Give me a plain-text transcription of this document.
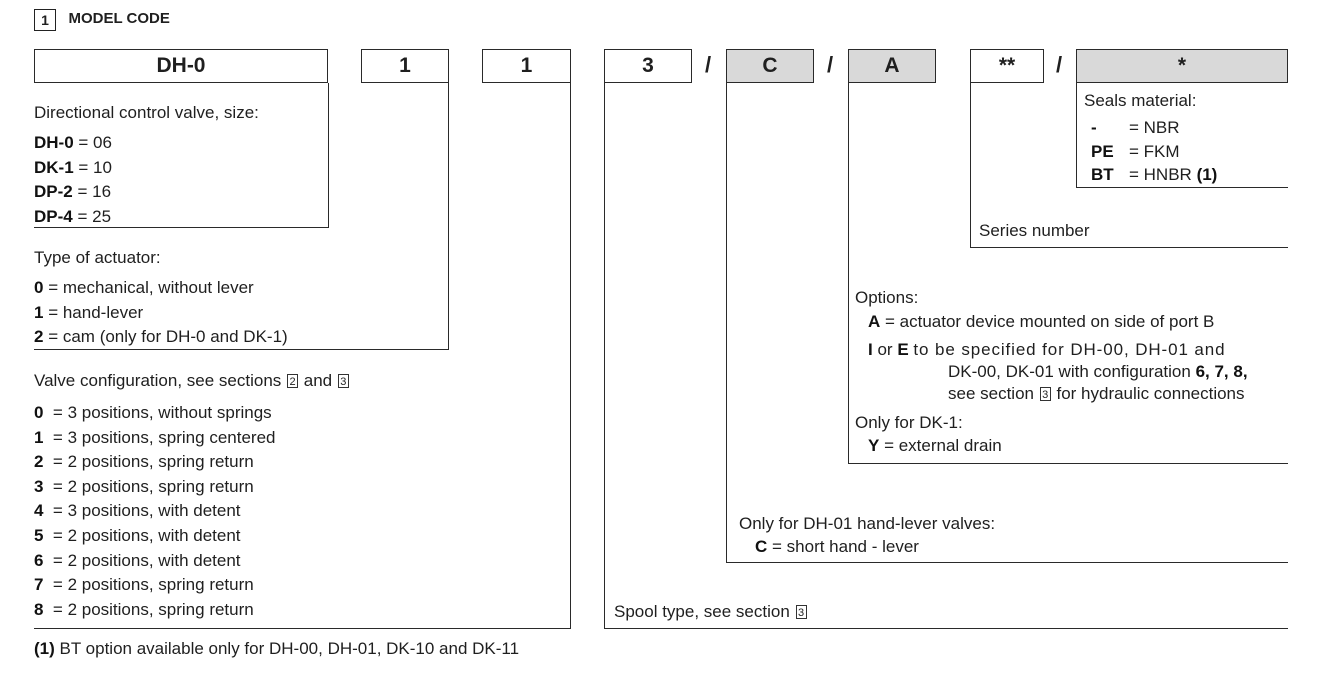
1 MODEL CODE
DH-0	1	1	3	/	C	/	A	**	/	*
Directional control valve, size:
DH-0 = 06
DK-1 = 10
DP-2 = 16
DP-4 = 25
Type of actuator:
0 = mechanical, without lever
1 = hand-lever
2 = cam (only for DH-0 and DK-1)
Valve configuration, see sections 2 and 3
0 = 3 positions, without springs
1 = 3 positions, spring centered
2 = 2 positions, spring return
3 = 2 positions, spring return
4 = 3 positions, with detent
5 = 2 positions, with detent
6 = 2 positions, with detent
7 = 2 positions, spring return
8 = 2 positions, spring return	Spool type, see section 3
Only for DH-01 hand-lever valves:
C = short hand - lever
Options:
A = actuator device mounted on side of port B
I or E to be specified for DH-00, DH-01 and
DK-00, DK-01 with configuration 6, 7, 8,
see section 3 for hydraulic connections
Only for DK-1:
Y = external drain
Series number
Seals material:
- = NBR
PE = FKM
BT = HNBR (1)
(1) BT option available only for DH-00, DH-01, DK-10 and DK-11
